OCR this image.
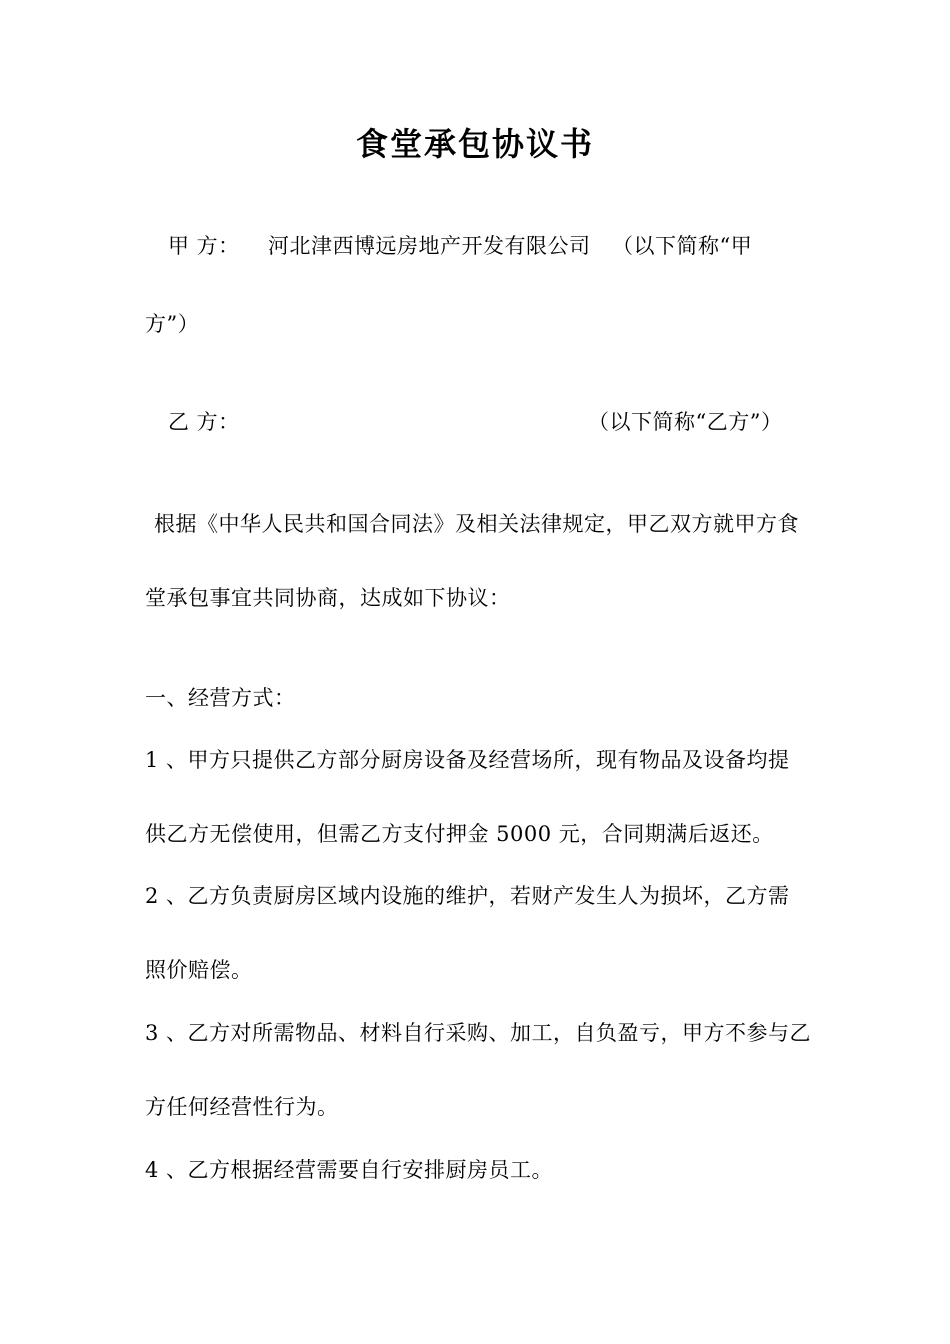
食堂承包协议书
甲 方： 河北津西博远房地产开发有限公司 （以下简称“甲
方”）
乙 方：	（以下简称“乙方”）
根据《中华人民共和国合同法》及相关法律规定，甲乙双方就甲方食
堂承包事宜共同协商，达成如下协议：
一、经营方式：
1 、甲方只提供乙方部分厨房设备及经营场所，现有物品及设备均提
供乙方无偿使用，但需乙方支付押金 5000 元，合同期满后返还。
2 、乙方负责厨房区域内设施的维护，若财产发生人为损坏，乙方需
照价赔偿。
3 、乙方对所需物品、材料自行采购、加工，自负盈亏，甲方不参与乙
方任何经营性行为。
4 、乙方根据经营需要自行安排厨房员工。
